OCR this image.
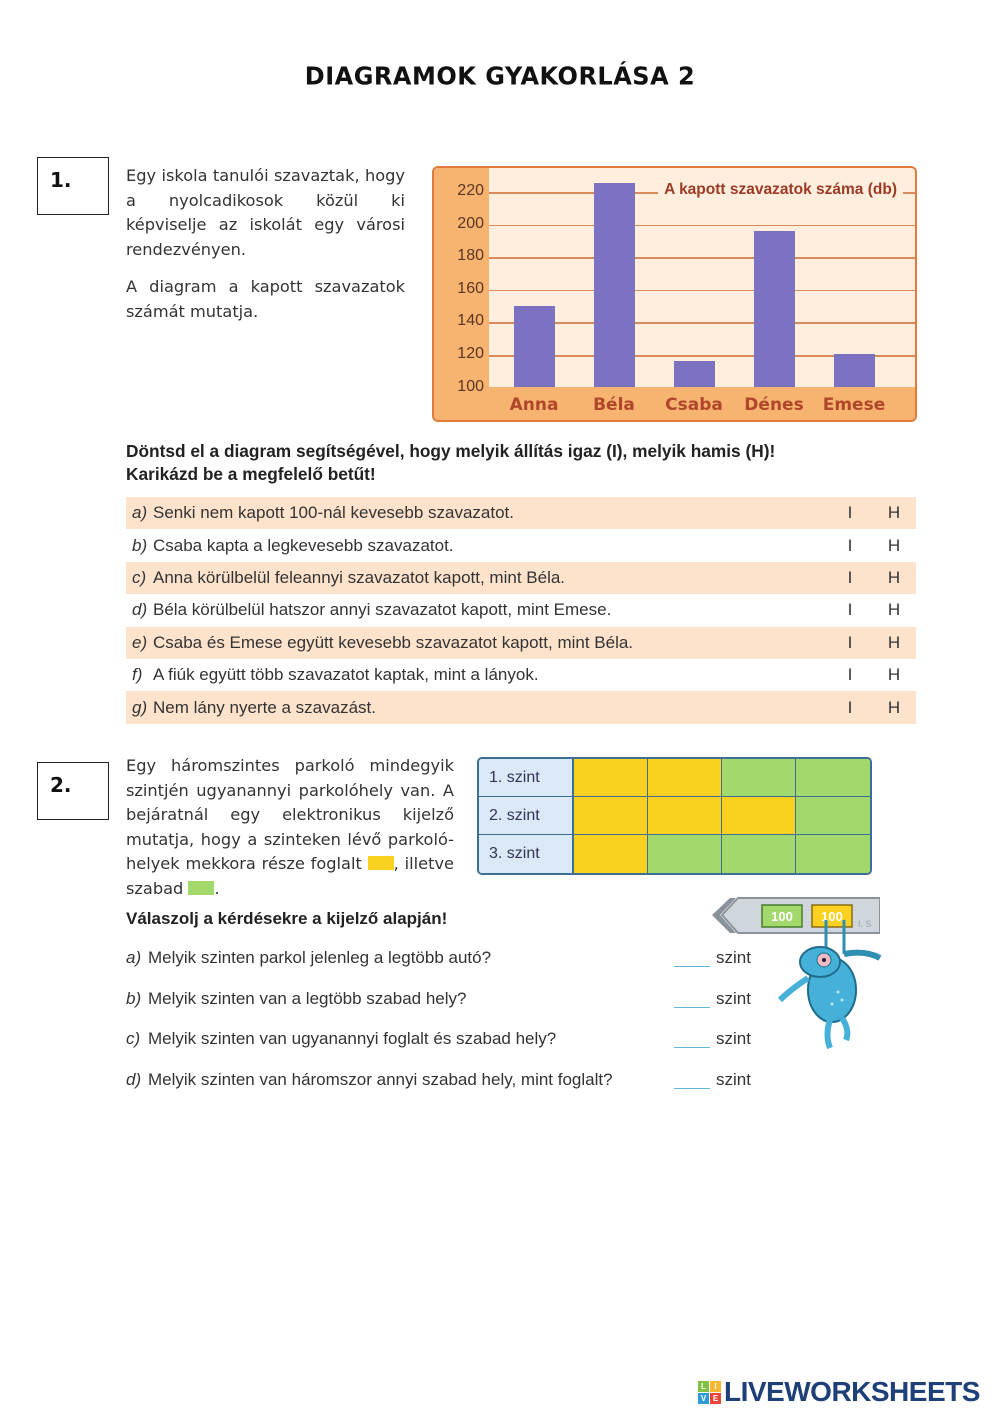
DIAGRAMOK GYAKORLÁSA 2
1.	Egy iskola tanulói szavaztak, hogy a nyolcadikosok közül ki képviselje az iskolát egy városi rendezvényen.

A diagram a kapott szavazatok számát mutatja.

220
200
180
160
140
120
100
A kapott szavazatok száma (db)
Anna	Béla	Csaba	Dénes	Emese
Döntsd el a diagram segítségével, hogy melyik állítás igaz (I), melyik hamis (H)!
Karikázd be a megfelelő betűt!
a) Senki nem kapott 100-nál kevesebb szavazatot.	I	H
b) Csaba kapta a legkevesebb szavazatot.	I	H
c) Anna körülbelül feleannyi szavazatot kapott, mint Béla.	I	H
d) Béla körülbelül hatszor annyi szavazatot kapott, mint Emese.	I	H
e) Csaba és Emese együtt kevesebb szavazatot kapott, mint Béla.	I	H
f) A fiúk együtt több szavazatot kaptak, mint a lányok.	I	H
g) Nem lány nyerte a szavazást.	I	H
2.
Egy háromszintes parkoló mindegyik szintjén ugyanannyi parkolóhely van. A bejáratnál egy elektronikus kijelző mutatja, hogy a szinteken lévő parkoló-helyek mekkora része foglalt , illetve szabad .
1. szint
2. szint
3. szint
100 100 I. S
Válaszolj a kérdésekre a kijelző alapján!
a) Melyik szinten parkol jelenleg a legtöbb autó?	szint
b) Melyik szinten van a legtöbb szabad hely?	szint
c) Melyik szinten van ugyanannyi foglalt és szabad hely?	szint
d) Melyik szinten van háromszor annyi szabad hely, mint foglalt?	szint
L	I
V E LIVEWORKSHEETS
